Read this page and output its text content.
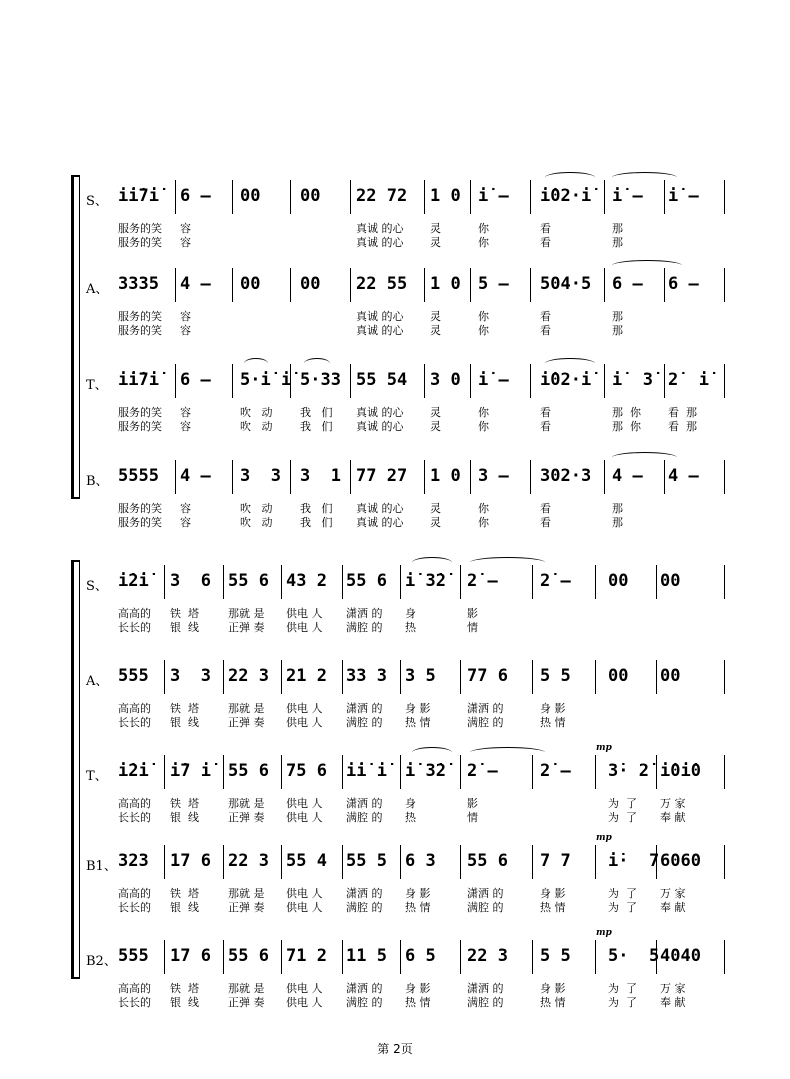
S、 i̇i̇7i̇ 6 — 00 00 22 72 1 0 i̇ — i̇02·i̇ i̇ — i̇ —
服务的笑 容	真诚 的心 灵	你	看	那
服务的笑 容	真诚 的心 灵	你	看	那
A、 3335 4 — 00 00 22 55 1 0 5 — 504·5 6 — 6 —
服务的笑 容	真诚 的心 灵	你	看	那
服务的笑 容	真诚 的心 灵	你	看	那
T、 i̇i̇7i̇ 6 — 5·i̇ i̇ 5·33 55 54 3 0 i̇ — i̇02·i̇ i̇  3̇ 2̇  i̇
服务的笑 容	吹   动	我   们 真诚 的心 灵	你	看	那  你 看  那
服务的笑 容	吹   动	我   们 真诚 的心 灵	你	看	那  你 看  那
B、 5555 4 — 3  3 3  1 77 27 1 0 3 — 302·3 4 — 4 —
服务的笑 容	吹   动	我   们 真诚 的心 灵	你	看	那
服务的笑 容	吹   动	我   们 真诚 的心 灵	你	看	那
S、 i̇2̇i̇ 3  6 55 6 43 2 55 6 i̇ 3̇2̇ 2̇ — 2̇ — 00 00
高高的 铁  塔	那就 是 供电 人 潇洒 的 身	影
长长的 银  线	正弹 奏 供电 人 满腔 的 热	情
A、 555 3  3 22 3 21 2 33 3 3 5 77 6 5 5 00 00
高高的 铁  塔	那就 是 供电 人 潇洒 的 身 影	潇洒 的	身 影
长长的 银  线	正弹 奏 供电 人 满腔 的 热 情	满腔 的	热 情
T、 i̇2̇i̇ i̇7 i̇ 55 6 75 6 i̇i̇ i̇ i̇ 3̇2̇ 2̇ — 2̇ — 3̇· 2̇ i̇0i̇0
高高的 铁  塔	那就 是 供电 人 潇洒 的 身	影	为  了 万 家
长长的 银  线	正弹 奏 供电 人 满腔 的 热	情	为  了 奉 献
mp
B1、 323 17 6 22 3 55 4 55 5 6 3 55 6 7 7 i̇·  7 6060
高高的 铁  塔	那就 是 供电 人 潇洒 的 身 影	潇洒 的	身 影	为  了 万 家
长长的 银  线	正弹 奏 供电 人 满腔 的 热 情	满腔 的	热 情	为  了 奉 献
mp
B2、 555 17 6 55 6 71 2 11 5 6 5 22 3 5 5 5·  5 4040
高高的 铁  塔	那就 是 供电 人 潇洒 的 身 影	潇洒 的	身 影	为  了 万 家
长长的 银  线	正弹 奏 供电 人 满腔 的 热 情	满腔 的	热 情	为  了 奉 献
mp
第 2页
